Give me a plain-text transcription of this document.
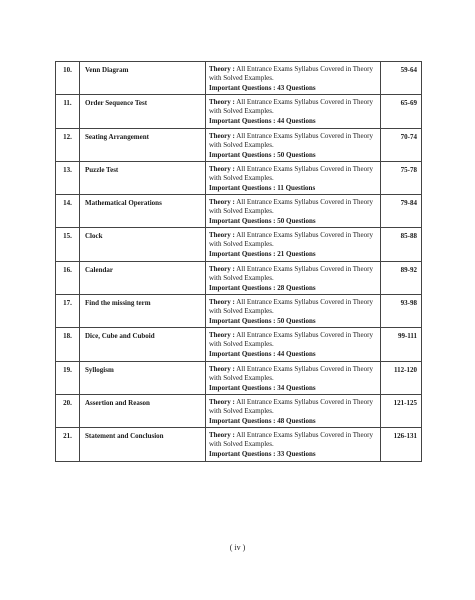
10.	Venn Diagram	Theory : All Entrance Exams Syllabus Covered in Theory with Solved Examples.
Important Questions : 43 Questions	59-64
11.	Order Sequence Test	Theory : All Entrance Exams Syllabus Covered in Theory with Solved Examples.
Important Questions : 44 Questions	65-69
12.	Seating Arrangement	Theory : All Entrance Exams Syllabus Covered in Theory with Solved Examples.
Important Questions : 50 Questions	70-74
13.	Puzzle Test	Theory : All Entrance Exams Syllabus Covered in Theory with Solved Examples.
Important Questions : 11 Questions	75-78
14.	Mathematical Operations	Theory : All Entrance Exams Syllabus Covered in Theory with Solved Examples.
Important Questions : 50 Questions	79-84
15.	Clock	Theory : All Entrance Exams Syllabus Covered in Theory with Solved Examples.
Important Questions : 21 Questions	85-88
16.	Calendar	Theory : All Entrance Exams Syllabus Covered in Theory with Solved Examples.
Important Questions : 28 Questions	89-92
17.	Find the missing term	Theory : All Entrance Exams Syllabus Covered in Theory with Solved Examples.
Important Questions : 50 Questions	93-98
18.	Dice, Cube and Cuboid	Theory : All Entrance Exams Syllabus Covered in Theory with Solved Examples.
Important Questions : 44 Questions	99-111
19.	Syllogism	Theory : All Entrance Exams Syllabus Covered in Theory with Solved Examples.
Important Questions : 34 Questions	112-120
20.	Assertion and Reason	Theory : All Entrance Exams Syllabus Covered in Theory with Solved Examples.
Important Questions : 48 Questions	121-125
21.	Statement and Conclusion	Theory : All Entrance Exams Syllabus Covered in Theory with Solved Examples.
Important Questions : 33 Questions	126-131
( iv )
